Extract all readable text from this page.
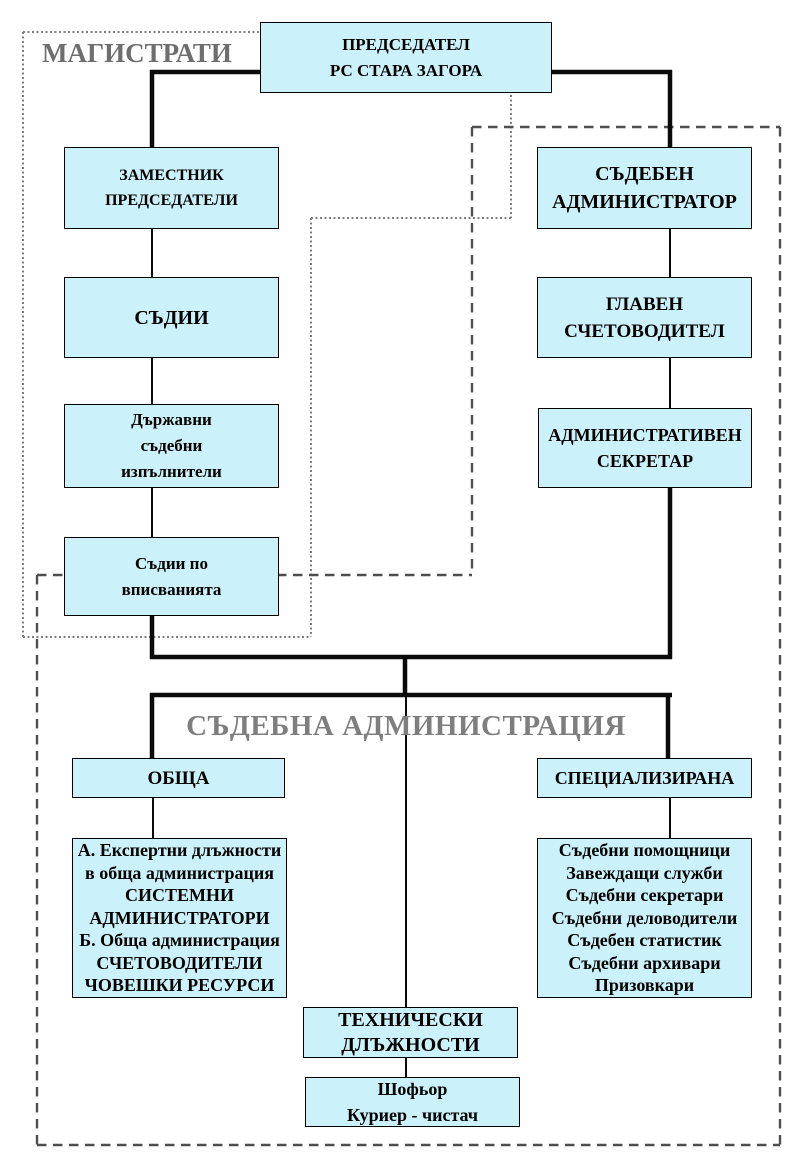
МАГИСТРАТИ
СЪДЕБНА АДМИНИСТРАЦИЯ
ПРЕДСЕДАТЕЛ
РС СТАРА ЗАГОРА
ЗАМЕСТНИК
ПРЕДСЕДАТЕЛИ
СЪДИИ
Държавни
съдебни
изпълнители
Съдии по
вписванията
СЪДЕБЕН
АДМИНИСТРАТОР
ГЛАВЕН
СЧЕТОВОДИТЕЛ
АДМИНИСТРАТИВЕН
СЕКРЕТАР
ОБЩА	СПЕЦИАЛИЗИРАНА
А. Експертни длъжности
в обща администрация
СИСТЕМНИ
АДМИНИСТРАТОРИ
Б. Обща администрация
СЧЕТОВОДИТЕЛИ
ЧОВЕШКИ РЕСУРСИ
Съдебни помощници
Завеждащи служби
Съдебни секретари
Съдебни деловодители
Съдебен статистик
Съдебни архивари
Призовкари
ТЕХНИЧЕСКИ
ДЛЪЖНОСТИ
Шофьор
Куриер - чистач
